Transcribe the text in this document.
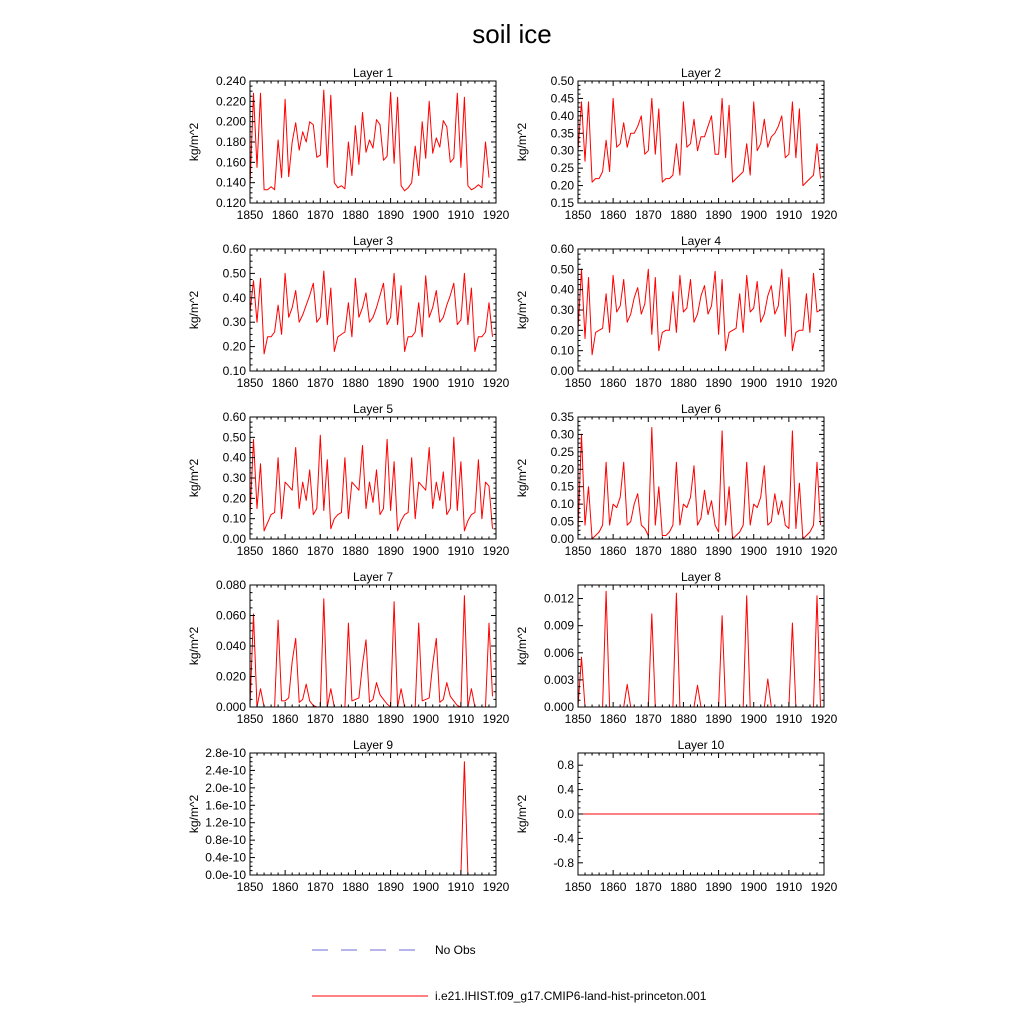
soil ice
Layer 1
kg/m^2
1850 1860 1870 1880 1890 1900 1910 1920
0.120
0.140
0.160
0.180
0.200
0.220
0.240
Layer 2
kg/m^2
1850 1860 1870 1880 1890 1900 1910 1920
0.15
0.20
0.25
0.30
0.35
0.40
0.45
0.50
Layer 3
kg/m^2
1850 1860 1870 1880 1890 1900 1910 1920
0.10
0.20
0.30
0.40
0.50
0.60
Layer 4
kg/m^2
1850 1860 1870 1880 1890 1900 1910 1920
0.00
0.10
0.20
0.30
0.40
0.50
0.60
Layer 5
kg/m^2
1850 1860 1870 1880 1890 1900 1910 1920
0.00
0.10
0.20
0.30
0.40
0.50
0.60
Layer 6
kg/m^2
1850 1860 1870 1880 1890 1900 1910 1920
0.00
0.05
0.10
0.15
0.20
0.25
0.30
0.35
Layer 7
kg/m^2
1850 1860 1870 1880 1890 1900 1910 1920
0.000
0.020
0.040
0.060
0.080
Layer 8
kg/m^2
1850 1860 1870 1880 1890 1900 1910 1920
0.000
0.003
0.006
0.009
0.012
Layer 9
kg/m^2
1850 1860 1870 1880 1890 1900 1910 1920
0.0e-10
0.4e-10
0.8e-10
1.2e-10
1.6e-10
2.0e-10
2.4e-10
2.8e-10
Layer 10
kg/m^2
1850 1860 1870 1880 1890 1900 1910 1920
-0.8
-0.4
0.0
0.4
0.8
No Obs
i.e21.IHIST.f09_g17.CMIP6-land-hist-princeton.001
